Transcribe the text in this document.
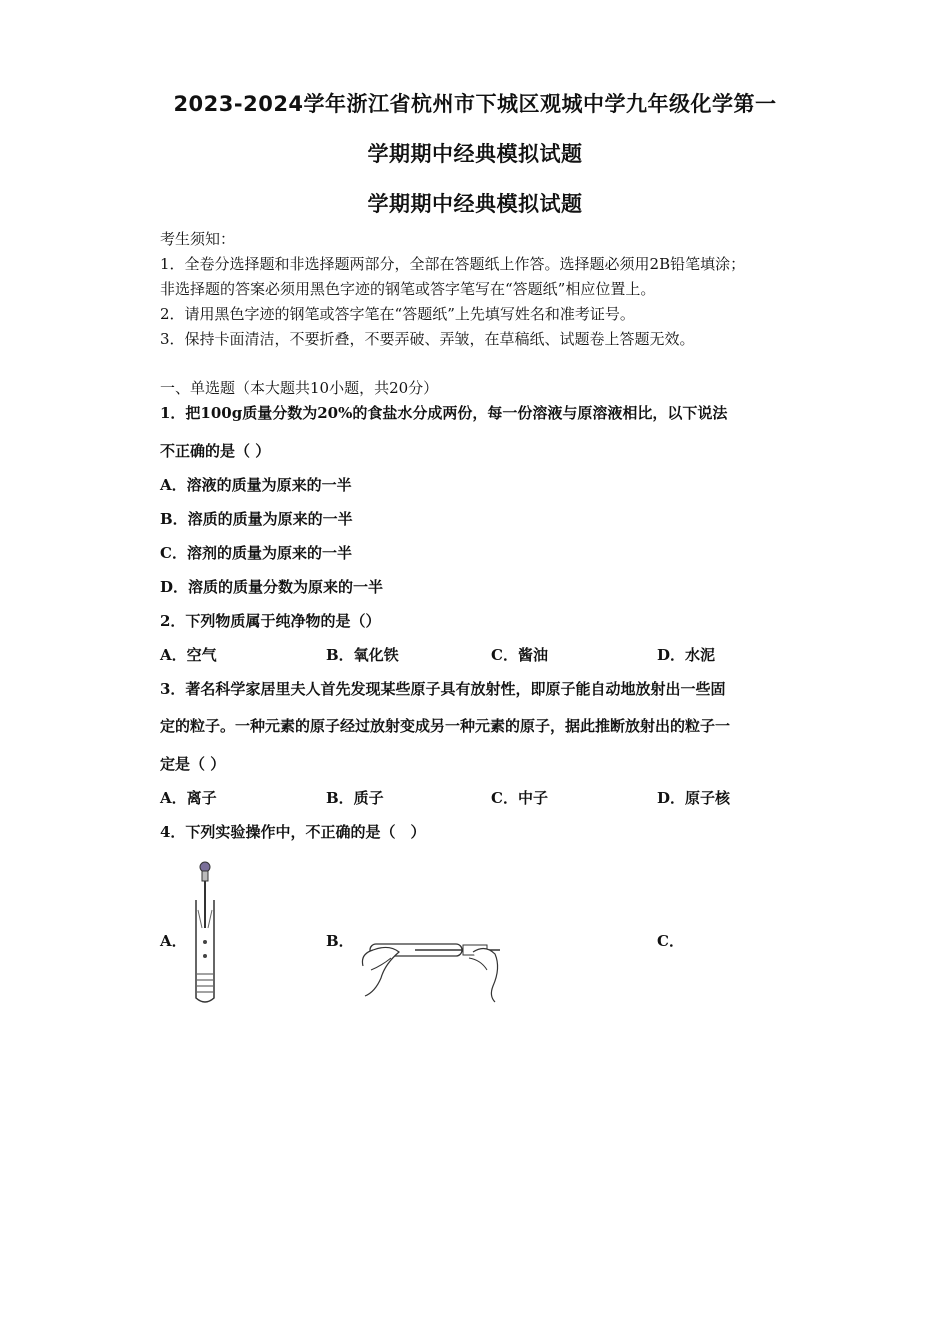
2023-2024学年浙江省杭州市下城区观城中学九年级化学第一
学期期中经典模拟试题
学期期中经典模拟试题
考生须知：
1．全卷分选择题和非选择题两部分，全部在答题纸上作答。选择题必须用2B铅笔填涂；
非选择题的答案必须用黑色字迹的钢笔或答字笔写在“答题纸”相应位置上。
2．请用黑色字迹的钢笔或答字笔在“答题纸”上先填写姓名和准考证号。
3．保持卡面清洁，不要折叠，不要弄破、弄皱，在草稿纸、试题卷上答题无效。
一、单选题（本大题共10小题，共20分）
1．把100g质量分数为20%的食盐水分成两份，每一份溶液与原溶液相比，以下说法
不正确的是（ ）
A．溶液的质量为原来的一半
B．溶质的质量为原来的一半
C．溶剂的质量为原来的一半
D．溶质的质量分数为原来的一半
2．下列物质属于纯净物的是（）
A．空气	B．氧化铁	C．酱油	D．水泥
3．著名科学家居里夫人首先发现某些原子具有放射性，即原子能自动地放射出一些固
定的粒子。一种元素的原子经过放射变成另一种元素的原子，据此推断放射出的粒子一
定是（ ）
A．离子	B．质子	C．中子	D．原子核
4．下列实验操作中，不正确的是（　）
A．	B．	C．
